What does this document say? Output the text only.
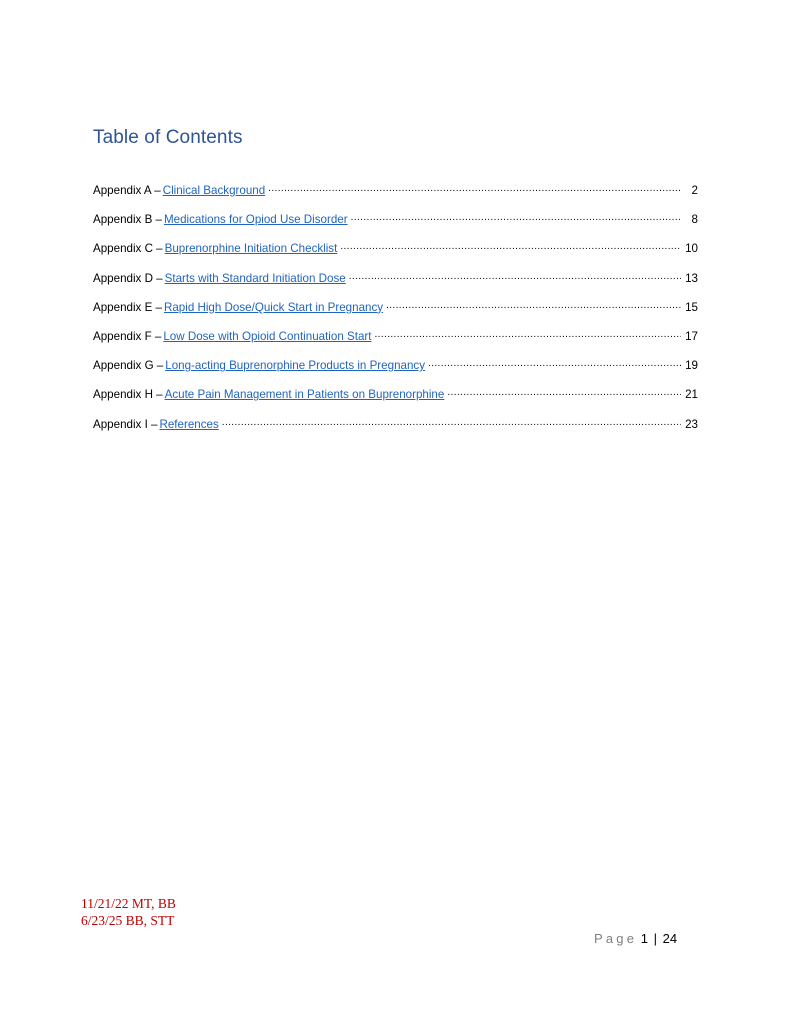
Table of Contents
Appendix A – Clinical Background .....	2
Appendix B – Medications for Opiod Use Disorder .....	8
Appendix C – Buprenorphine Initiation Checklist .....	10
Appendix D – Starts with Standard Initiation Dose .....	13
Appendix E – Rapid High Dose/Quick Start in Pregnancy .....	15
Appendix F – Low Dose with Opioid Continuation Start .....	17
Appendix G – Long-acting Buprenorphine Products in Pregnancy .....	19
Appendix H – Acute Pain Management in Patients on Buprenorphine .....	21
Appendix I – References .....	23
11/21/22 MT, BB
6/23/25 BB, STT
Page 1 | 24
